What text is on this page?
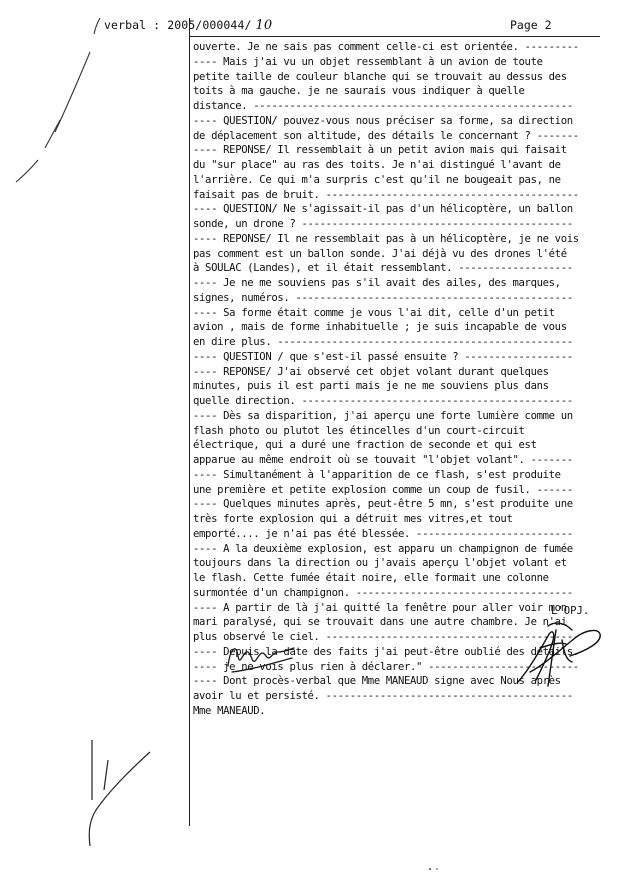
verbal : 2005/000044/ 10	Page 2
ouverte. Je ne sais pas comment celle-ci est orientée. ---------
---- Mais j'ai vu un objet ressemblant à un avion de toute
petite taille de couleur blanche qui se trouvait au dessus des
toits à ma gauche. je ne saurais vous indiquer à quelle
distance. -----------------------------------------------------
---- QUESTION/ pouvez-vous nous préciser sa forme, sa direction
de déplacement son altitude, des détails le concernant ? -------
---- REPONSE/ Il ressemblait à un petit avion mais qui faisait
du "sur place" au ras des toits. Je n'ai distingué l'avant de
l'arrière. Ce qui m'a surpris c'est qu'il ne bougeait pas, ne
faisait pas de bruit. ------------------------------------------
---- QUESTION/ Ne s'agissait-il pas d'un hélicoptère, un ballon
sonde, un drone ? ---------------------------------------------
---- REPONSE/ Il ne ressemblait pas à un hélicoptère, je ne vois
pas comment est un ballon sonde. J'ai déjà vu des drones l'été
à SOULAC (Landes), et il était ressemblant. -------------------
---- Je ne me souviens pas s'il avait des ailes, des marques,
signes, numéros. ----------------------------------------------
---- Sa forme était comme je vous l'ai dit, celle d'un petit
avion , mais de forme inhabituelle ; je suis incapable de vous
en dire plus. -------------------------------------------------
---- QUESTION / que s'est-il passé ensuite ? ------------------
---- REPONSE/ J'ai observé cet objet volant durant quelques
minutes, puis il est parti mais je ne me souviens plus dans
quelle direction. ---------------------------------------------
---- Dès sa disparition, j'ai aperçu une forte lumière comme un
flash photo ou plutot les étincelles d'un court-circuit
électrique, qui a duré une fraction de seconde et qui est
apparue au même endroit où se touvait "l'objet volant". -------
---- Simultanément à l'apparition de ce flash, s'est produite
une première et petite explosion comme un coup de fusil. ------
---- Quelques minutes après, peut-être 5 mn, s'est produite une
très forte explosion qui a détruit mes vitres,et tout
emporté.... je n'ai pas été blessée. --------------------------
---- A la deuxième explosion, est apparu un champignon de fumée
toujours dans la direction ou j'avais aperçu l'objet volant et
le flash. Cette fumée était noire, elle formait une colonne
surmontée d'un champignon. ------------------------------------
---- A partir de là j'ai quitté la fenêtre pour aller voir mon
mari paralysé, qui se trouvait dans une autre chambre. Je n'ai
plus observé le ciel. ------------------------------------------
---- Depuis la date des faits j'ai peut-être oublié des détails.
---- je ne vois plus rien à déclarer." -------------------------
---- Dont procès-verbal que Mme MANEAUD signe avec Nous après
avoir lu et persisté. -----------------------------------------
Mme MANEAUD.
L'OPJ.
